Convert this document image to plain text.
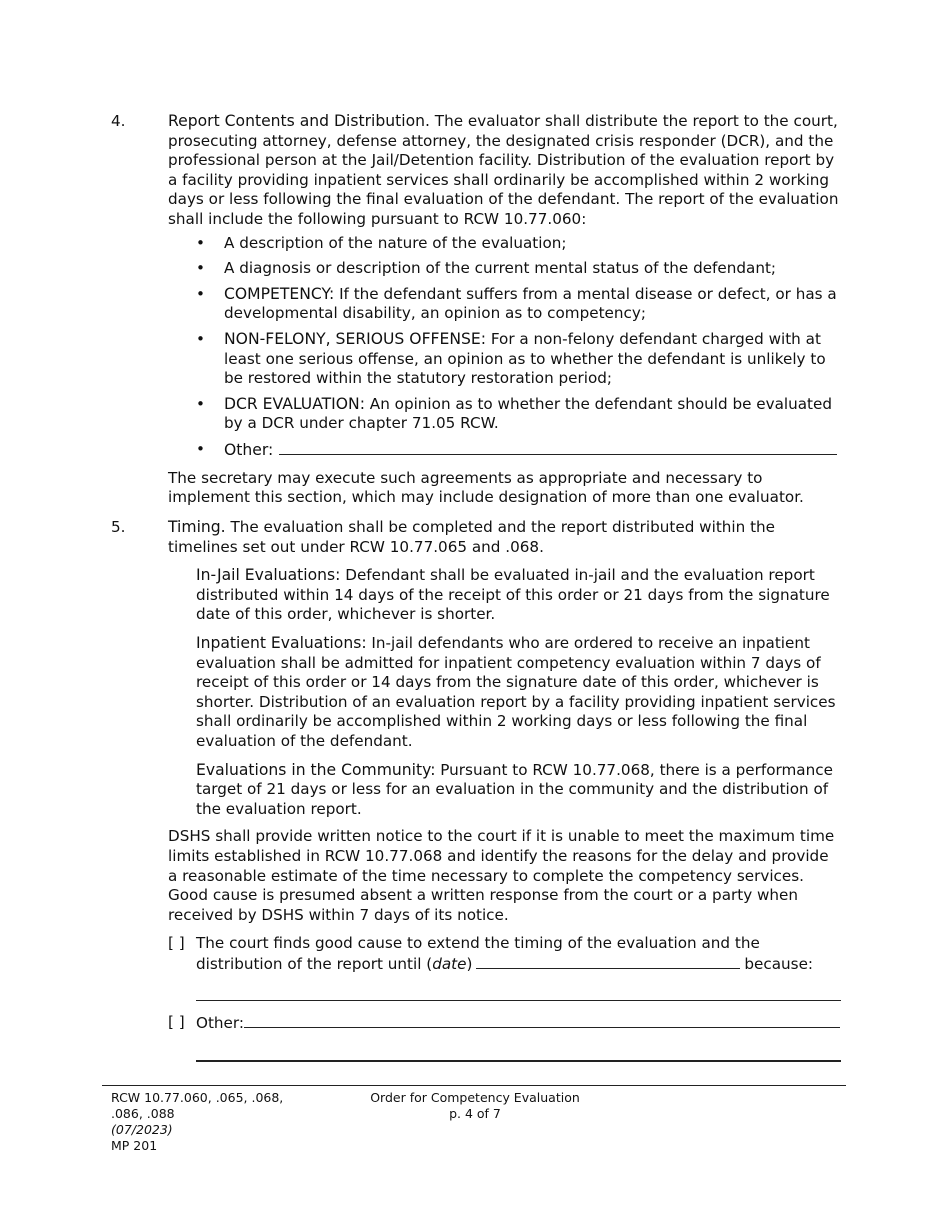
4.	Report Contents and Distribution. The evaluator shall distribute the report to the court, prosecuting attorney, defense attorney, the designated crisis responder (DCR), and the professional person at the Jail/Detention facility. Distribution of the evaluation report by a facility providing inpatient services shall ordinarily be accomplished within 2 working days or less following the final evaluation of the defendant. The report of the evaluation shall include the following pursuant to RCW 10.77.060:
• A description of the nature of the evaluation;
• A diagnosis or description of the current mental status of the defendant;
• COMPETENCY: If the defendant suffers from a mental disease or defect, or has a developmental disability, an opinion as to competency;
• NON-FELONY, SERIOUS OFFENSE: For a non-felony defendant charged with at least one serious offense, an opinion as to whether the defendant is unlikely to be restored within the statutory restoration period;
• DCR EVALUATION: An opinion as to whether the defendant should be evaluated by a DCR under chapter 71.05 RCW.
• Other:
The secretary may execute such agreements as appropriate and necessary to implement this section, which may include designation of more than one evaluator.
5.	Timing. The evaluation shall be completed and the report distributed within the timelines set out under RCW 10.77.065 and .068.
In-Jail Evaluations: Defendant shall be evaluated in-jail and the evaluation report distributed within 14 days of the receipt of this order or 21 days from the signature date of this order, whichever is shorter.
Inpatient Evaluations: In-jail defendants who are ordered to receive an inpatient evaluation shall be admitted for inpatient competency evaluation within 7 days of receipt of this order or 14 days from the signature date of this order, whichever is shorter. Distribution of an evaluation report by a facility providing inpatient services shall ordinarily be accomplished within 2 working days or less following the final evaluation of the defendant.
Evaluations in the Community: Pursuant to RCW 10.77.068, there is a performance target of 21 days or less for an evaluation in the community and the distribution of the evaluation report.
DSHS shall provide written notice to the court if it is unable to meet the maximum time limits established in RCW 10.77.068 and identify the reasons for the delay and provide a reasonable estimate of the time necessary to complete the competency services. Good cause is presumed absent a written response from the court or a party when received by DSHS within 7 days of its notice.
[ ] The court finds good cause to extend the timing of the evaluation and the distribution of the report until (date)	because:
[ ] Other:
RCW 10.77.060, .065, .068, .086, .088
(07/2023)
MP 201
Order for Competency Evaluation
p. 4 of 7
